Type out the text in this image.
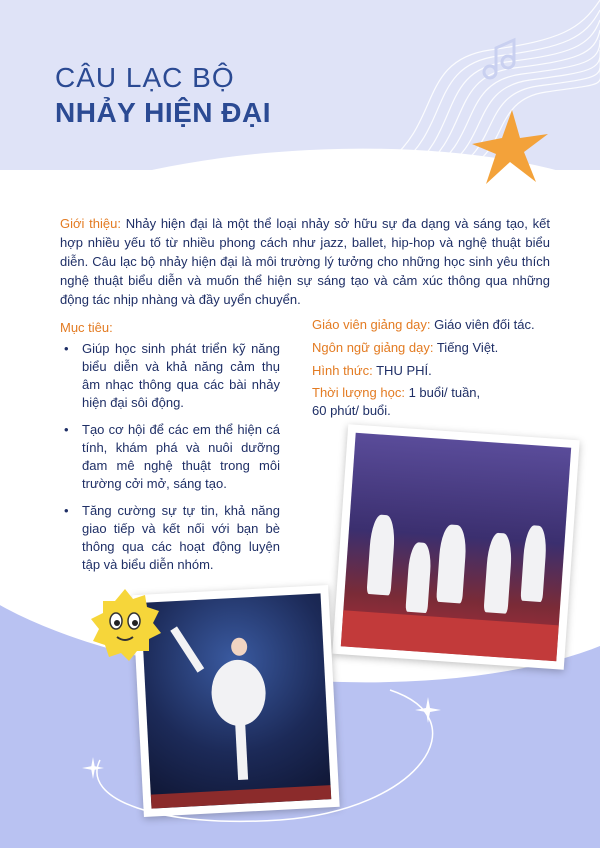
CÂU LẠC BỘ
NHẢY HIỆN ĐẠI
Giới thiệu: Nhảy hiện đại là một thể loại nhảy sở hữu sự đa dạng và sáng tạo, kết hợp nhiều yếu tố từ nhiều phong cách như jazz, ballet, hip-hop và nghệ thuật biểu diễn. Câu lạc bộ nhảy hiện đại là môi trường lý tưởng cho những học sinh yêu thích nghệ thuật biểu diễn và muốn thể hiện sự sáng tạo và cảm xúc thông qua những động tác nhịp nhàng và đầy uyển chuyển.
Mục tiêu:
• Giúp học sinh phát triển kỹ năng biểu diễn và khả năng cảm thụ âm nhạc thông qua các bài nhảy hiện đại sôi động.
• Tạo cơ hội để các em thể hiện cá tính, khám phá và nuôi dưỡng đam mê nghệ thuật trong môi trường cởi mở, sáng tạo.
• Tăng cường sự tự tin, khả năng giao tiếp và kết nối với bạn bè thông qua các hoạt động luyện tập và biểu diễn nhóm.
Giáo viên giảng dạy: Giáo viên đối tác.
Ngôn ngữ giảng dạy: Tiếng Việt.
Hình thức: THU PHÍ.
Thời lượng học: 1 buổi/ tuần, 60 phút/ buổi.
